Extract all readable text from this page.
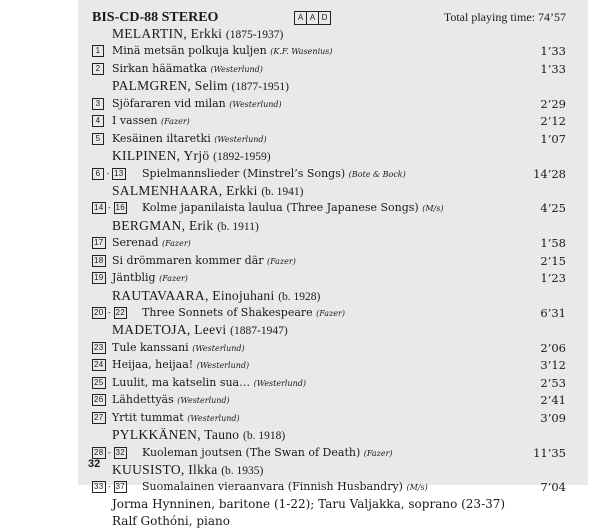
BIS-CD-88 STEREO	A A D	Total playing time: 74’57
MELARTIN, Erkki (1875-1937)
1	Minä metsän polkuja kuljen (K.F. Wasenius)	1’33
2	Sirkan häämatka (Westerlund)	1’33
PALMGREN, Selim (1877-1951)
3	Sjöfararen vid milan (Westerlund)	2’29
4	I vassen (Fazer)	2’12
5	Kesäinen iltaretki (Westerlund)	1’07
KILPINEN, Yrjö (1892-1959)
6 - 13 Spielmannslieder (Minstrel’s Songs) (Bote & Bock)	14’28
SALMENHAARA, Erkki (b. 1941)
14 - 16 Kolme japanilaista laulua (Three Japanese Songs) (M/s)	4’25
BERGMAN, Erik (b. 1911)
17 Serenad (Fazer)	1’58
18 Si drömmaren kommer där (Fazer)	2’15
19 Jäntblig (Fazer)	1’23
RAUTAVAARA, Einojuhani (b. 1928)
20 - 22 Three Sonnets of Shakespeare (Fazer)	6’31
MADETOJA, Leevi (1887-1947)
23 Tule kanssani (Westerlund)	2’06
24 Heijaa, heijaa! (Westerlund)	3’12
25 Luulit, ma katselin sua… (Westerlund)	2’53
26 Lähdettyäs (Westerlund)	2’41
27 Yrtit tummat (Westerlund)	3’09
PYLKKÄNEN, Tauno (b. 1918)
28 - 32 Kuoleman joutsen (The Swan of Death) (Fazer)	11’35
KUUSISTO, Ilkka (b. 1935)
33 - 37 Suomalainen vieraanvara (Finnish Husbandry) (M/s)	7’04
Jorma Hynninen, baritone (1-22); Taru Valjakka, soprano (23-37)
Ralf Gothóni, piano
32
